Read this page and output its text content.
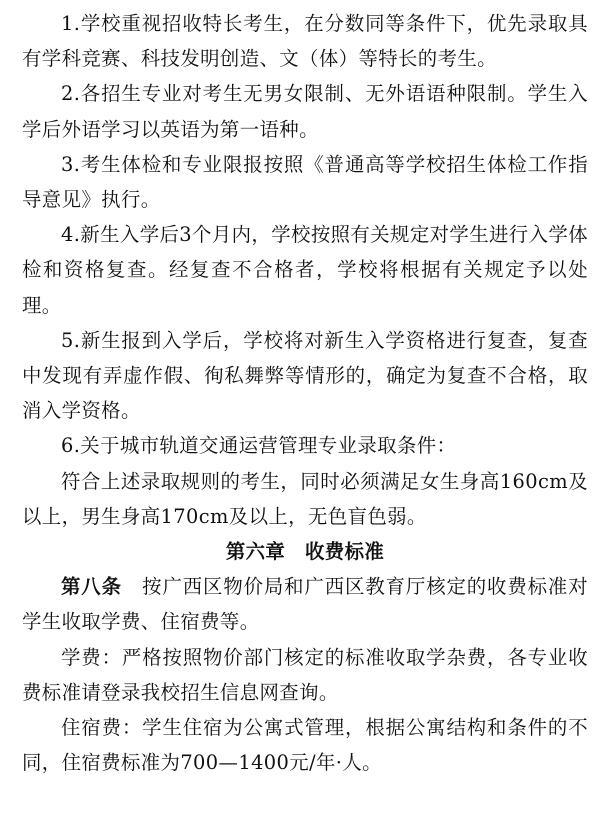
1.学校重视招收特长考生，在分数同等条件下，优先录取具有学科竞赛、科技发明创造、文（体）等特长的考生。

2.各招生专业对考生无男女限制、无外语语种限制。学生入学后外语学习以英语为第一语种。

3.考生体检和专业限报按照《普通高等学校招生体检工作指导意见》执行。

4.新生入学后3个月内，学校按照有关规定对学生进行入学体检和资格复查。经复查不合格者，学校将根据有关规定予以处理。

5.新生报到入学后，学校将对新生入学资格进行复查，复查中发现有弄虚作假、徇私舞弊等情形的，确定为复查不合格，取消入学资格。

6.关于城市轨道交通运营管理专业录取条件：

符合上述录取规则的考生，同时必须满足女生身高160cm及以上，男生身高170cm及以上，无色盲色弱。

第六章　收费标准

第八条　按广西区物价局和广西区教育厅核定的收费标准对学生收取学费、住宿费等。

学费：严格按照物价部门核定的标准收取学杂费，各专业收费标准请登录我校招生信息网查询。

住宿费：学生住宿为公寓式管理，根据公寓结构和条件的不同，住宿费标准为700—1400元/年·人。
